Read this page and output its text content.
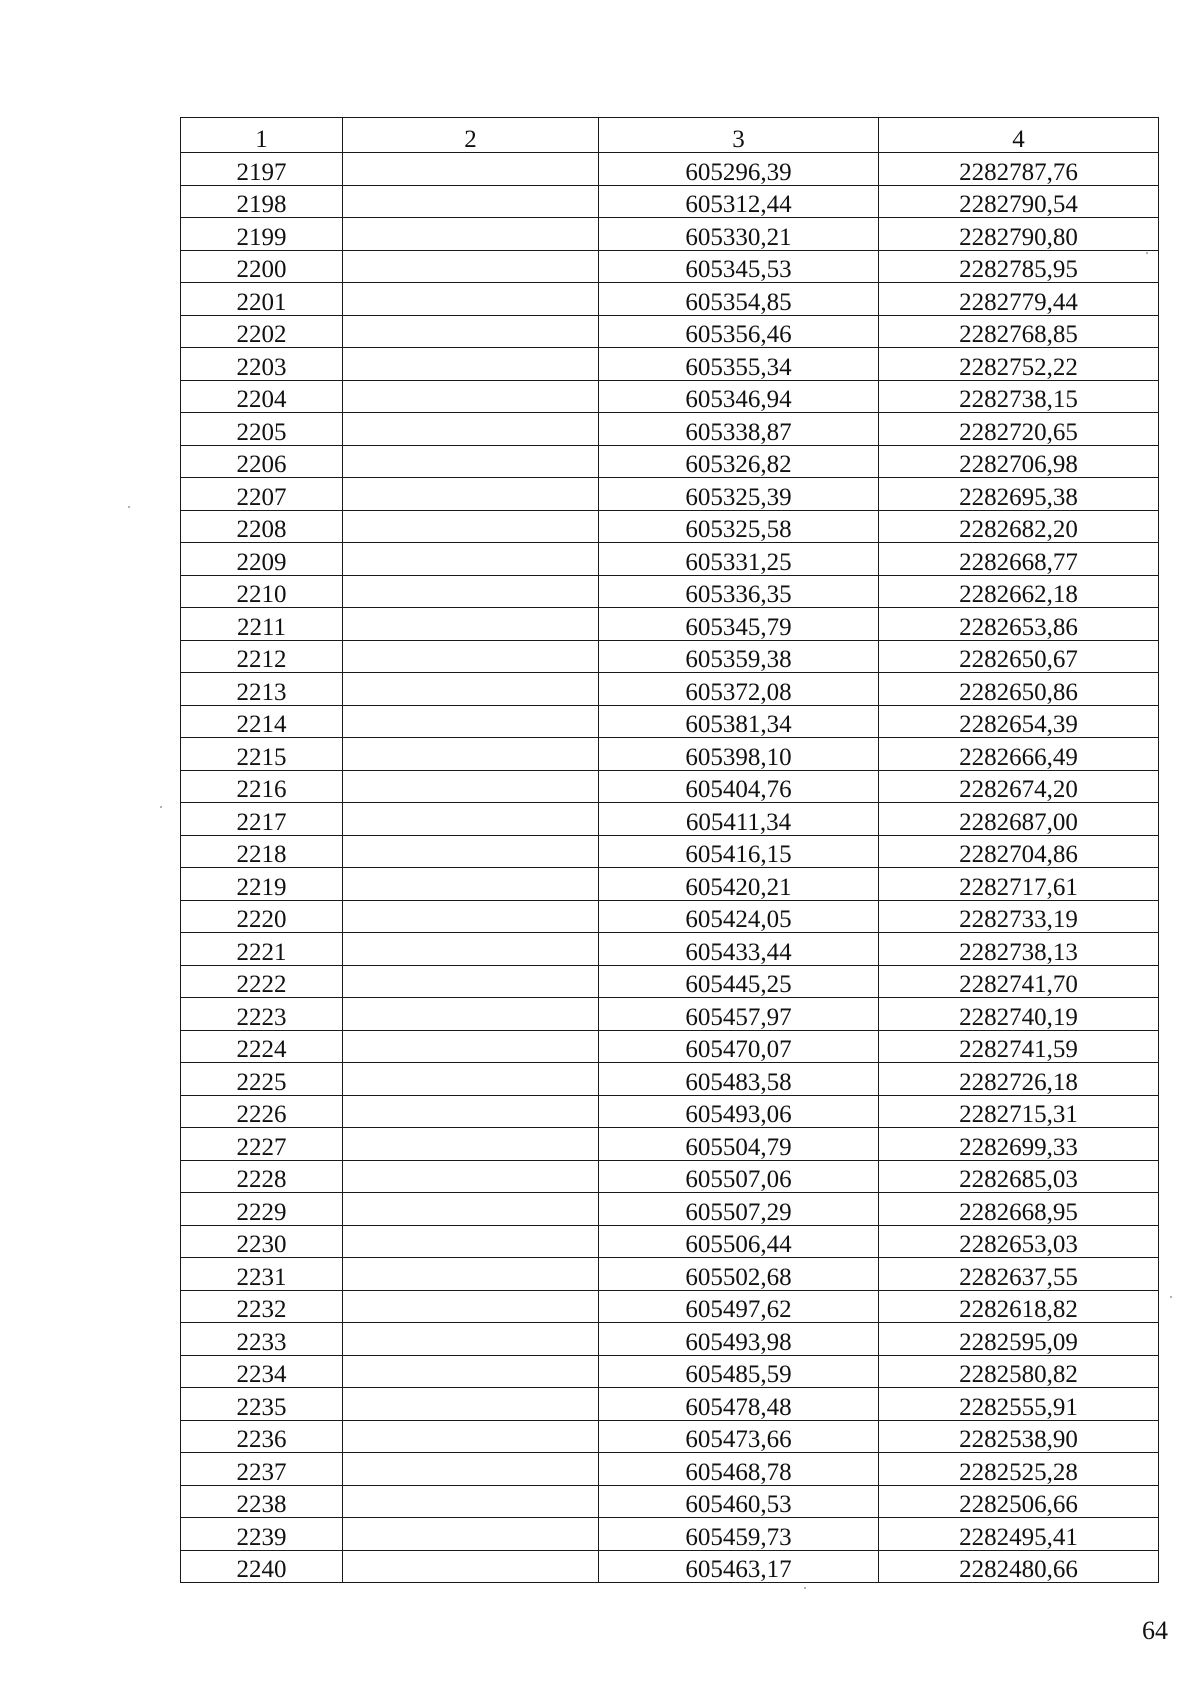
1	2	3	4
2197		605296,39	2282787,76
2198		605312,44	2282790,54
2199		605330,21	2282790,80
2200		605345,53	2282785,95
2201		605354,85	2282779,44
2202		605356,46	2282768,85
2203		605355,34	2282752,22
2204		605346,94	2282738,15
2205		605338,87	2282720,65
2206		605326,82	2282706,98
2207		605325,39	2282695,38
2208		605325,58	2282682,20
2209		605331,25	2282668,77
2210		605336,35	2282662,18
2211		605345,79	2282653,86
2212		605359,38	2282650,67
2213		605372,08	2282650,86
2214		605381,34	2282654,39
2215		605398,10	2282666,49
2216		605404,76	2282674,20
2217		605411,34	2282687,00
2218		605416,15	2282704,86
2219		605420,21	2282717,61
2220		605424,05	2282733,19
2221		605433,44	2282738,13
2222		605445,25	2282741,70
2223		605457,97	2282740,19
2224		605470,07	2282741,59
2225		605483,58	2282726,18
2226		605493,06	2282715,31
2227		605504,79	2282699,33
2228		605507,06	2282685,03
2229		605507,29	2282668,95
2230		605506,44	2282653,03
2231		605502,68	2282637,55
2232		605497,62	2282618,82
2233		605493,98	2282595,09
2234		605485,59	2282580,82
2235		605478,48	2282555,91
2236		605473,66	2282538,90
2237		605468,78	2282525,28
2238		605460,53	2282506,66
2239		605459,73	2282495,41
2240		605463,17	2282480,66
64
